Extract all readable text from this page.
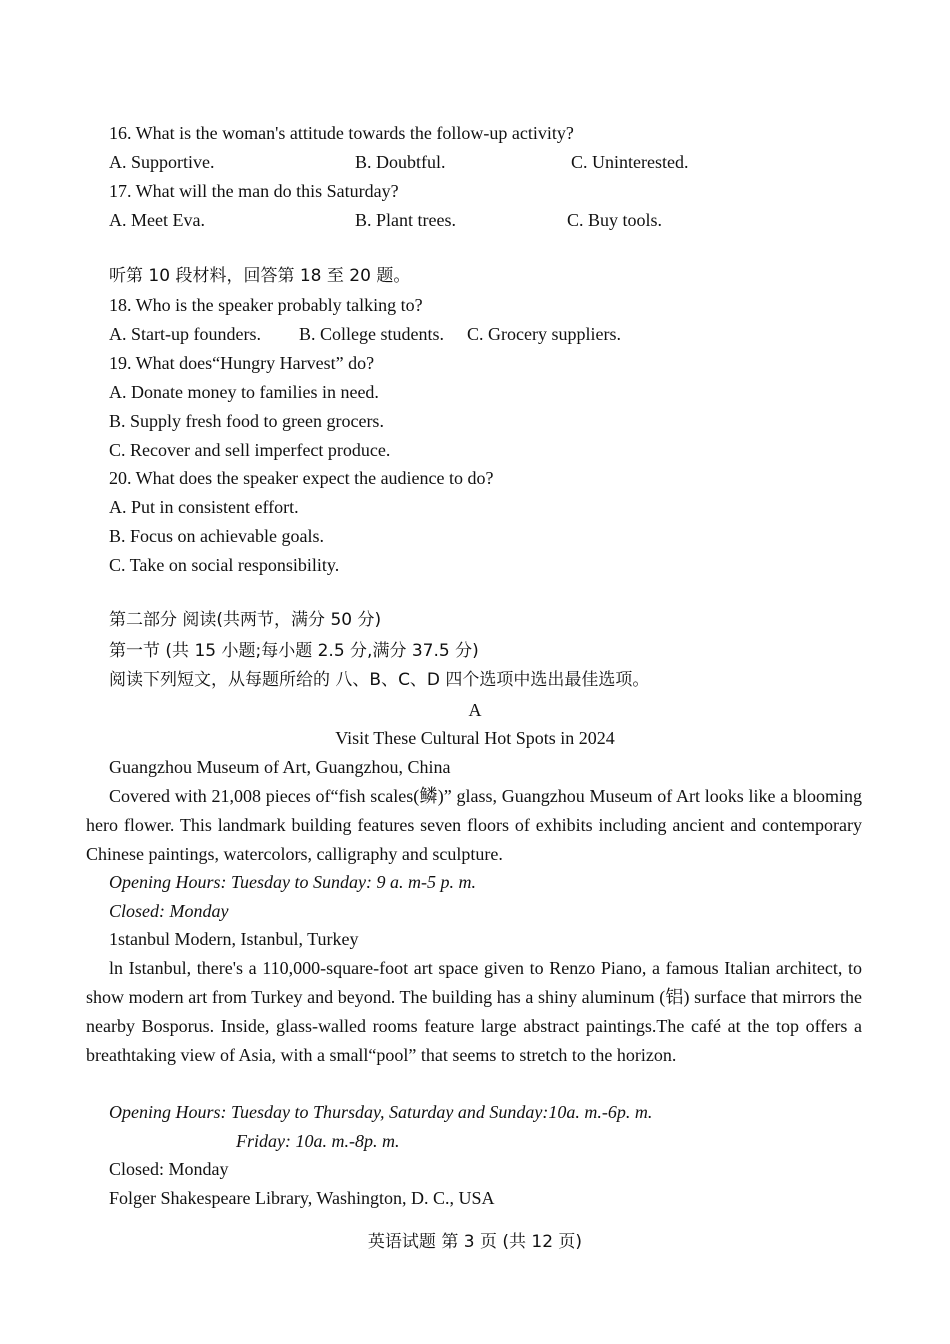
16. What is the woman's attitude towards the follow-up activity?
A. Supportive.	B. Doubtful.	C. Uninterested.
17. What will the man do this Saturday?
A. Meet Eva.	B. Plant trees.	C. Buy tools.
听第 10 段材料，回答第 18 至 20 题。
18. Who is the speaker probably talking to?
A. Start-up founders. B. College students. C. Grocery suppliers.
19. What does“Hungry Harvest” do?
A. Donate money to families in need.
B. Supply fresh food to green grocers.
C. Recover and sell imperfect produce.
20. What does the speaker expect the audience to do?
A. Put in consistent effort.
B. Focus on achievable goals.
C. Take on social responsibility.
第二部分 阅读(共两节，满分 50 分)
第一节 (共 15 小题;每小题 2.5 分,满分 37.5 分)
阅读下列短文，从每题所给的 八、B、C、D 四个选项中选出最佳选项。
A
Visit These Cultural Hot Spots in 2024
Guangzhou Museum of Art, Guangzhou, China
Covered with 21,008 pieces of“fish scales(鳞)” glass, Guangzhou Museum of Art looks like a blooming hero flower. This landmark building features seven floors of exhibits including ancient and contemporary Chinese paintings, watercolors, calligraphy and sculpture.
Opening Hours: Tuesday to Sunday: 9 a. m-5 p. m.
Closed: Monday
1stanbul Modern, Istanbul, Turkey
ln Istanbul, there's a 110,000-square-foot art space given to Renzo Piano, a famous Italian architect, to show modern art from Turkey and beyond. The building has a shiny aluminum (铝) surface that mirrors the nearby Bosporus. Inside, glass-walled rooms feature large abstract paintings.The café at the top offers a breathtaking view of Asia, with a small“pool” that seems to stretch to the horizon.
Opening Hours: Tuesday to Thursday, Saturday and Sunday:10a. m.-6p. m.
Friday: 10a. m.-8p. m.
Closed: Monday
Folger Shakespeare Library, Washington, D. C., USA
英语试题 第 3 页 (共 12 页)
